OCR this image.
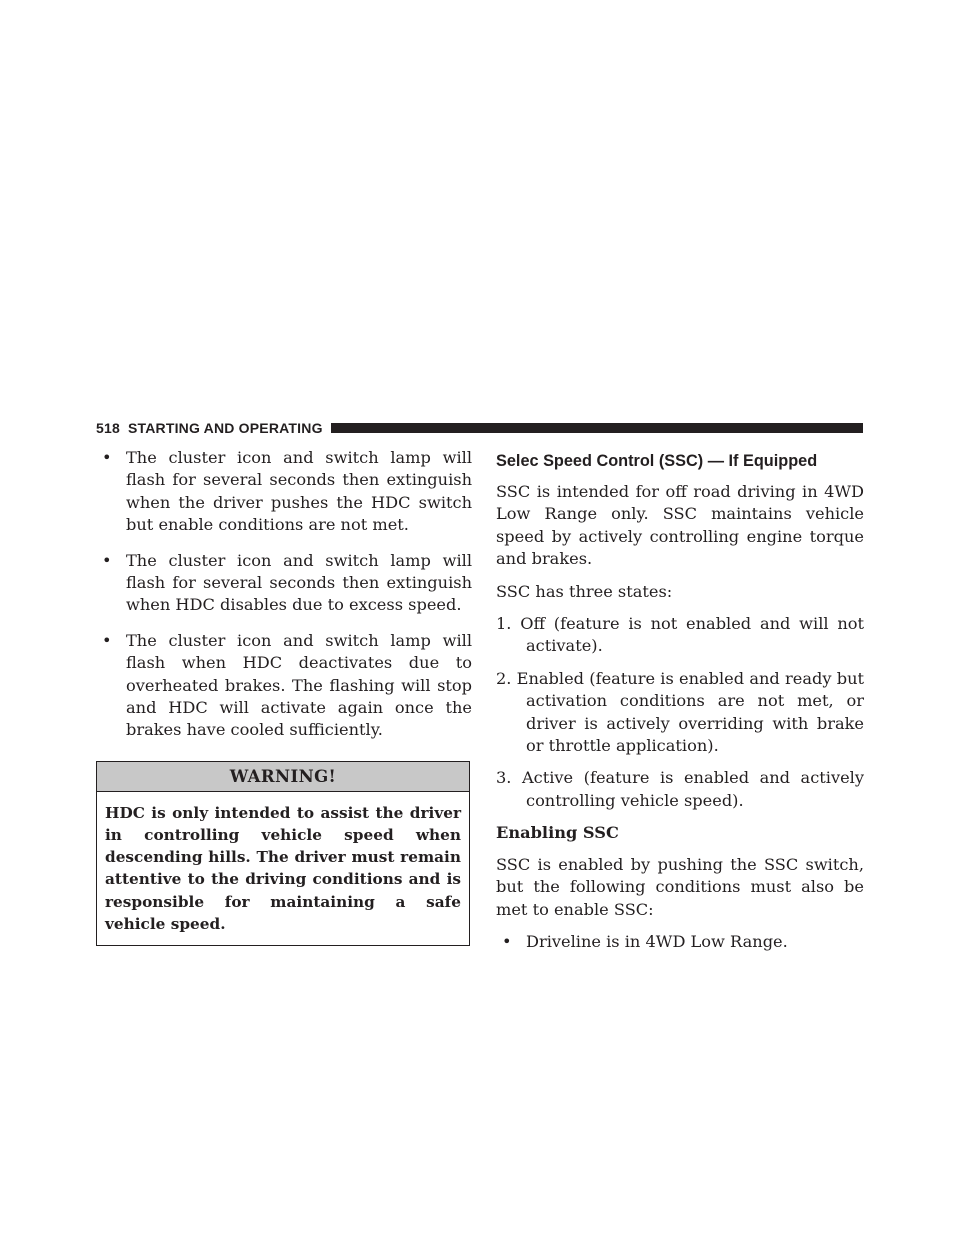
518 STARTING AND OPERATING
• The cluster icon and switch lamp will flash for several seconds then extinguish when the driver pushes the HDC switch but enable conditions are not met.
• The cluster icon and switch lamp will flash for several seconds then extinguish when HDC disables due to excess speed.
• The cluster icon and switch lamp will flash when HDC deactivates due to overheated brakes. The flashing will stop and HDC will activate again once the brakes have cooled sufficiently.
WARNING!
HDC is only intended to assist the driver in controlling vehicle speed when descending hills. The driver must remain attentive to the driving conditions and is responsible for maintaining a safe vehicle speed.
Selec Speed Control (SSC) — If Equipped

SSC is intended for off road driving in 4WD Low Range only. SSC maintains vehicle speed by actively controlling engine torque and brakes.

SSC has three states:

1. Off (feature is not enabled and will not activate).

2. Enabled (feature is enabled and ready but activation conditions are not met, or driver is actively overriding with brake or throttle application).

3. Active (feature is enabled and actively controlling vehicle speed).

Enabling SSC

SSC is enabled by pushing the SSC switch, but the following conditions must also be met to enable SSC:

• Driveline is in 4WD Low Range.
